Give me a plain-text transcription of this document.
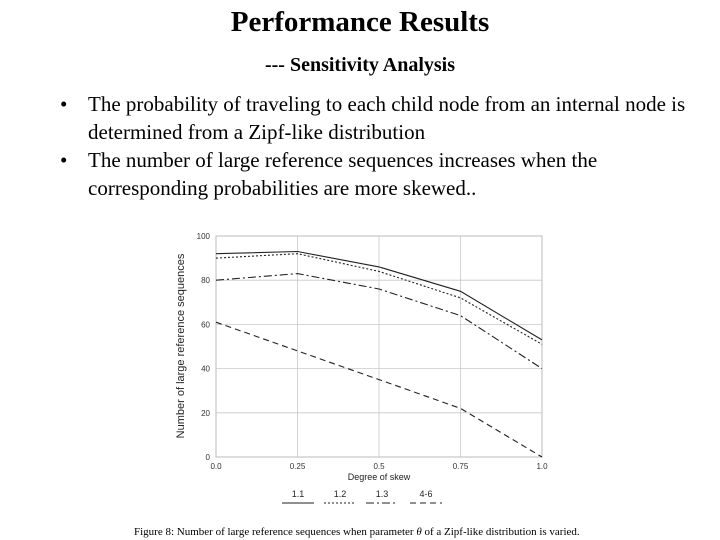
Performance Results
--- Sensitivity Analysis
• The probability of traveling to each child node from an internal node is determined from a Zipf-like distribution
• The number of large reference sequences increases when the corresponding probabilities are more skewed..
0
20
40
60
80
100
0.0	0.25	0.5	0.75	1.0
Degree of skew
Number of large reference sequences
1.1	1.2	1.3	4-6
Figure 8: Number of large reference sequences when parameter θ of a Zipf-like distribution is varied.
